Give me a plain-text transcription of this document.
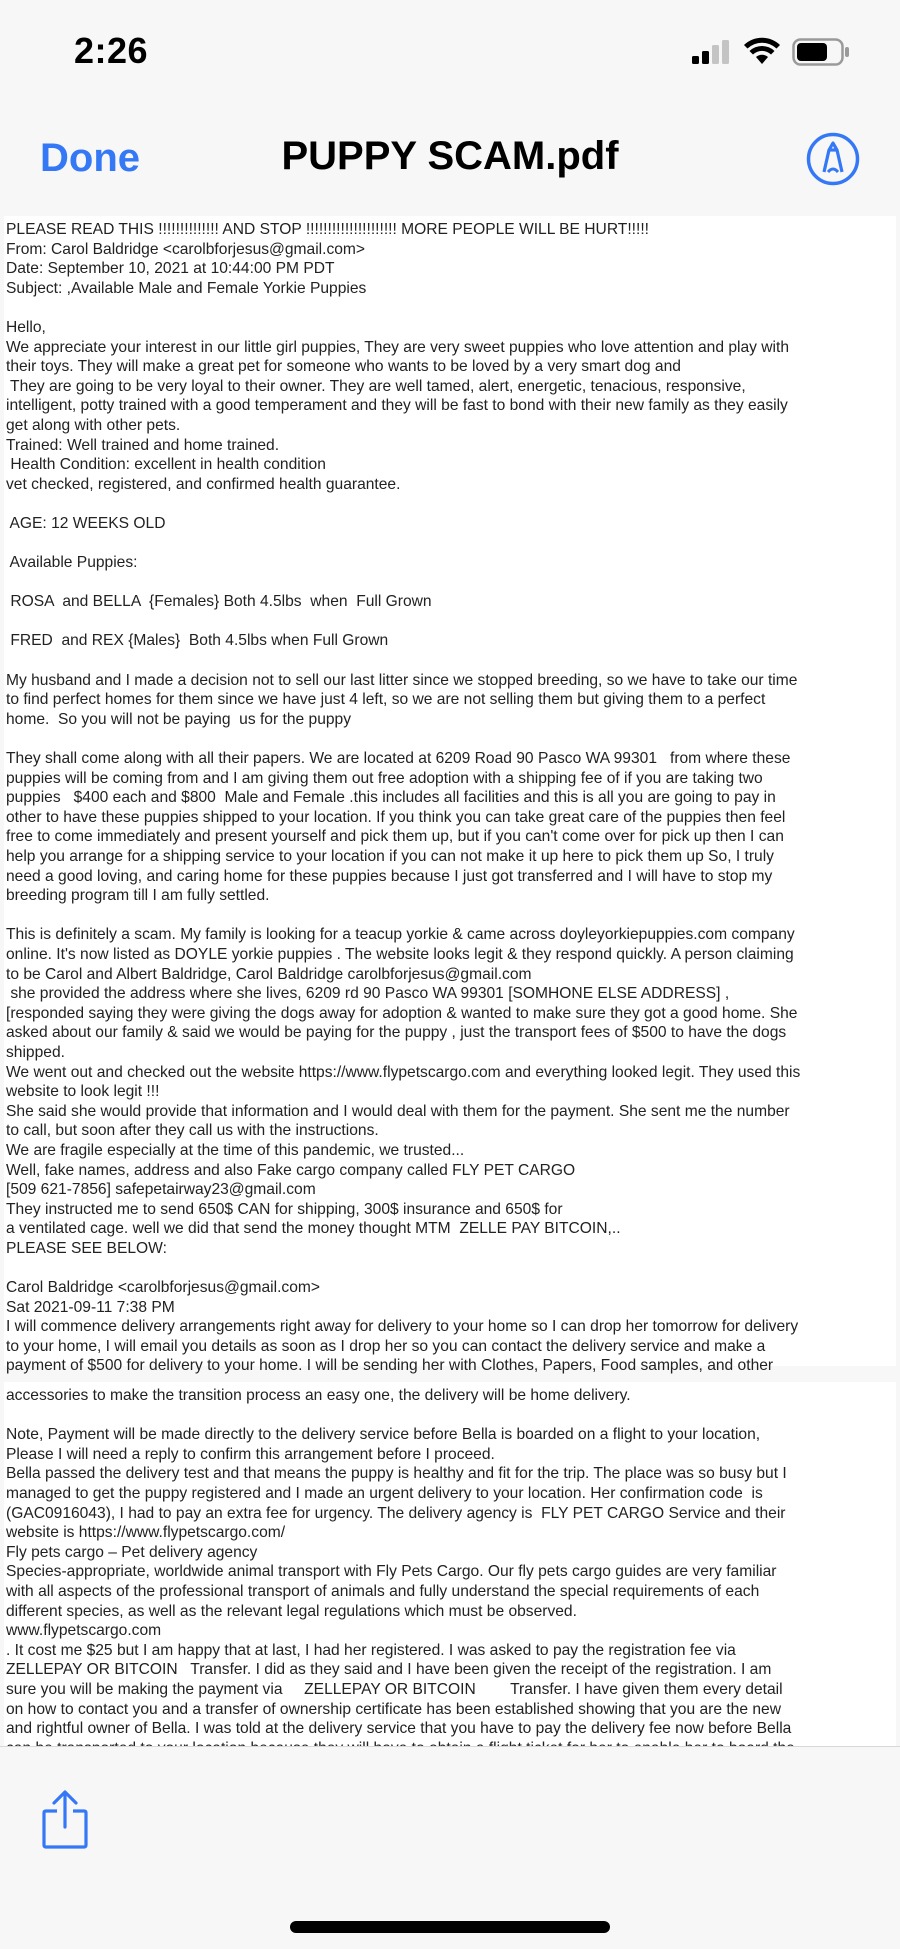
2:26
Done	PUPPY SCAM.pdf
PLEASE READ THIS !!!!!!!!!!!!!! AND STOP !!!!!!!!!!!!!!!!!!!!! MORE PEOPLE WILL BE HURT!!!!!
From: Carol Baldridge <carolbforjesus@gmail.com>
Date: September 10, 2021 at 10:44:00 PM PDT
Subject: ,Available Male and Female Yorkie Puppies

Hello,
We appreciate your interest in our little girl puppies, They are very sweet puppies who love attention and play with
their toys. They will make a great pet for someone who wants to be loved by a very smart dog and
They are going to be very loyal to their owner. They are well tamed, alert, energetic, tenacious, responsive,
intelligent, potty trained with a good temperament and they will be fast to bond with their new family as they easily
get along with other pets.
Trained: Well trained and home trained.
Health Condition: excellent in health condition
vet checked, registered, and confirmed health guarantee.

AGE: 12 WEEKS OLD

Available Puppies:

ROSA  and BELLA  {Females} Both 4.5lbs  when  Full Grown

FRED  and REX {Males}  Both 4.5lbs when Full Grown

My husband and I made a decision not to sell our last litter since we stopped breeding, so we have to take our time
to find perfect homes for them since we have just 4 left, so we are not selling them but giving them to a perfect
home.  So you will not be paying  us for the puppy

They shall come along with all their papers. We are located at 6209 Road 90 Pasco WA 99301   from where these
puppies will be coming from and I am giving them out free adoption with a shipping fee of if you are taking two
puppies   $400 each and $800  Male and Female .this includes all facilities and this is all you are going to pay in
other to have these puppies shipped to your location. If you think you can take great care of the puppies then feel
free to come immediately and present yourself and pick them up, but if you can't come over for pick up then I can
help you arrange for a shipping service to your location if you can not make it up here to pick them up So, I truly
need a good loving, and caring home for these puppies because I just got transferred and I will have to stop my
breeding program till I am fully settled.

This is definitely a scam. My family is looking for a teacup yorkie & came across doyleyorkiepuppies.com company
online. It's now listed as DOYLE yorkie puppies . The website looks legit & they respond quickly. A person claiming
to be Carol and Albert Baldridge, Carol Baldridge carolbforjesus@gmail.com
she provided the address where she lives, 6209 rd 90 Pasco WA 99301 [SOMHONE ELSE ADDRESS] ,
[responded saying they were giving the dogs away for adoption & wanted to make sure they got a good home. She
asked about our family & said we would be paying for the puppy , just the transport fees of $500 to have the dogs
shipped.
We went out and checked out the website https://www.flypetscargo.com and everything looked legit. They used this
website to look legit !!!
She said she would provide that information and I would deal with them for the payment. She sent me the number
to call, but soon after they call us with the instructions.
We are fragile especially at the time of this pandemic, we trusted...
Well, fake names, address and also Fake cargo company called FLY PET CARGO
[509 621-7856] safepetairway23@gmail.com
They instructed me to send 650$ CAN for shipping, 300$ insurance and 650$ for
a ventilated cage. well we did that send the money thought MTM  ZELLE PAY BITCOIN,..
PLEASE SEE BELOW:

Carol Baldridge <carolbforjesus@gmail.com>
Sat 2021-09-11 7:38 PM
I will commence delivery arrangements right away for delivery to your home so I can drop her tomorrow for delivery
to your home, I will email you details as soon as I drop her so you can contact the delivery service and make a
payment of $500 for delivery to your home. I will be sending her with Clothes, Papers, Food samples, and other
accessories to make the transition process an easy one, the delivery will be home delivery.

Note, Payment will be made directly to the delivery service before Bella is boarded on a flight to your location,
Please I will need a reply to confirm this arrangement before I proceed.
Bella passed the delivery test and that means the puppy is healthy and fit for the trip. The place was so busy but I
managed to get the puppy registered and I made an urgent delivery to your location. Her confirmation code  is
(GAC0916043), I had to pay an extra fee for urgency. The delivery agency is  FLY PET CARGO Service and their
website is https://www.flypetscargo.com/
Fly pets cargo – Pet delivery agency
Species-appropriate, worldwide animal transport with Fly Pets Cargo. Our fly pets cargo guides are very familiar
with all aspects of the professional transport of animals and fully understand the special requirements of each
different species, as well as the relevant legal regulations which must be observed.
www.flypetscargo.com
. It cost me $25 but I am happy that at last, I had her registered. I was asked to pay the registration fee via
ZELLEPAY OR BITCOIN   Transfer. I did as they said and I have been given the receipt of the registration. I am
sure you will be making the payment via     ZELLEPAY OR BITCOIN        Transfer. I have given them every detail
on how to contact you and a transfer of ownership certificate has been established showing that you are the new
and rightful owner of Bella. I was told at the delivery service that you have to pay the delivery fee now before Bella
